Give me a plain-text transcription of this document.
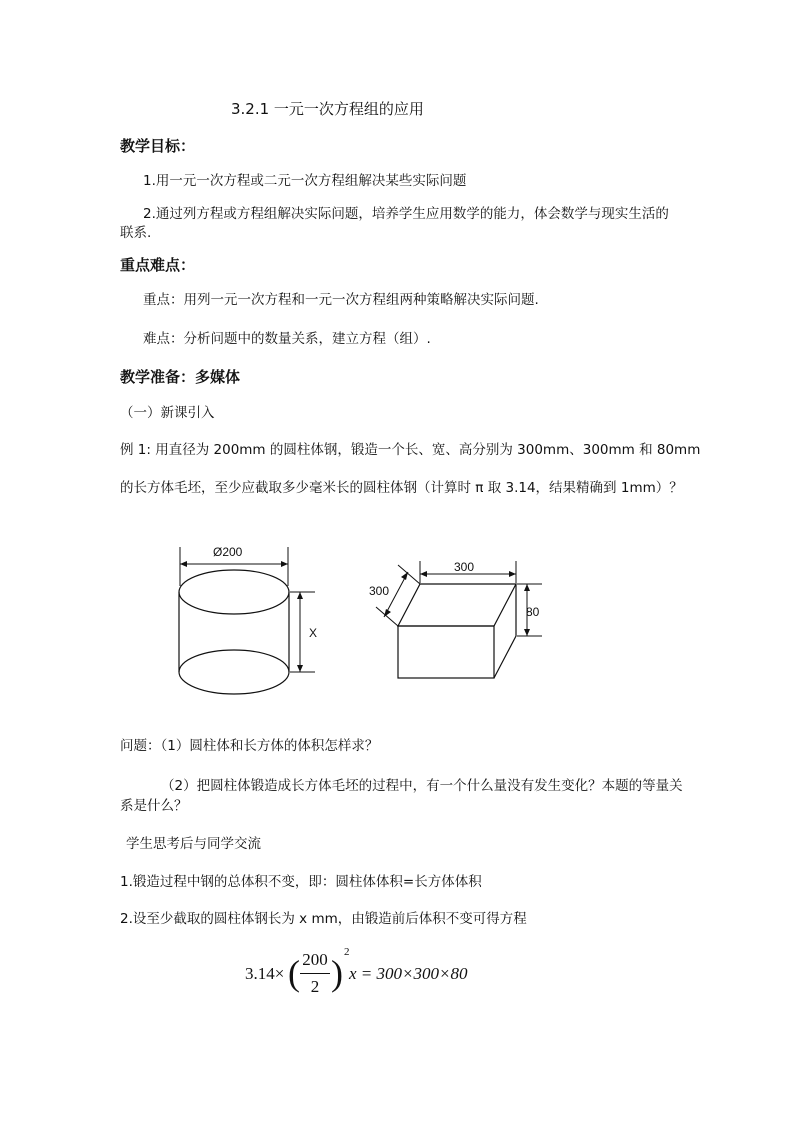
3.2.1 一元一次方程组的应用
教学目标：
1.用一元一次方程或二元一次方程组解决某些实际问题
2.通过列方程或方程组解决实际问题，培养学生应用数学的能力，体会数学与现实生活的联系.
重点难点：
重点：用列一元一次方程和一元一次方程组两种策略解决实际问题.
难点：分析问题中的数量关系，建立方程（组）.
教学准备：多媒体
（一）新课引入
例 1: 用直径为 200mm 的圆柱体钢，锻造一个长、宽、高分别为 300mm、300mm 和 80mm
的长方体毛坯，至少应截取多少毫米长的圆柱体钢（计算时 π 取 3.14，结果精确到 1mm）？
Ø200
X
300
300
80
问题：（1）圆柱体和长方体的体积怎样求？
（2）把圆柱体锻造成长方体毛坯的过程中，有一个什么量没有发生变化？本题的等量关系是什么？
学生思考后与同学交流
1.锻造过程中钢的总体积不变，即：圆柱体体积=长方体体积
2.设至少截取的圆柱体钢长为 x mm，由锻造前后体积不变可得方程
3.14× ( 200
2 )
2
x = 300×300×80
